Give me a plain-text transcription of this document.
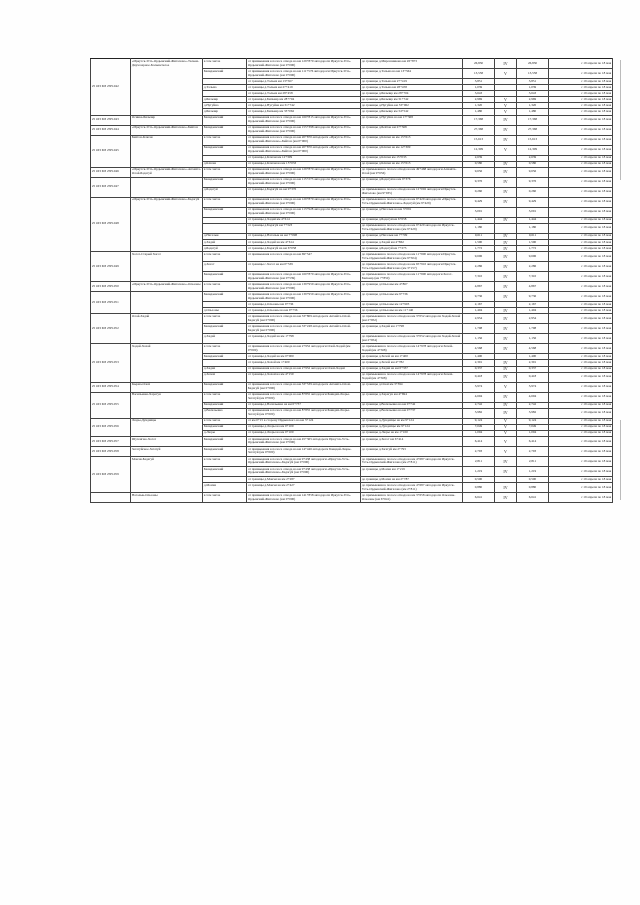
25 ОП МЗ 25Н-042	«Иркутск-Усть-Ордынский-Жигалово»-Тальма-Двухозерное-Большетелое	в том числе	от примыкания к полосе отвода на км 129+870 автодороги Иркутск-Усть-Ордынский-Жигалово (км 0+000)	до границы д.Мирошникова км 26+873	26,830	IV	26,830	с 19 апреля по 18 мая
		Баяндаевский	от примыкания к полосе отвода на км 111+576 автодороги Иркутск-Усть-Ордынский-Жигалово (км 0+000)	до границы д.Тальма на км 13+564	13,558	V	13,558	с 19 апреля по 18 мая
			от границы д.Тальма км 13+567	до границы д.Тальма км 27+419	3,851		3,851	с 19 апреля по 18 мая
		д.Тальма	от границы д.Тальма км 27+419	до границы д.Тальма км 28+458	1,039		1,039	с 19 апреля по 18 мая
			от границы д.Тальма км 28+458	до границы д.Бильчир км 28+704	3,643		3,643	с 19 апреля по 18 мая
		д.Бильчир	от границы д.Бильчир км 28+704	до границы д.Бильчир км 31+742	2,969	V	2,969	с 19 апреля по 18 мая
		д.Нугуйна	от границы д.Нугуйна км 31+742	до границы д.Нугуйна км 33+062	1,320	V	1,320	с 19 апреля по 18 мая
		д.Бильчир	от границы д.Бильчир км 33+062	до границы д.Бильчир км 34+542	1,480	V	1,480	с 19 апреля по 18 мая
25 ОП МЗ 25Н-043	Осинка-Бильчир	Баяндаевский	от примыкания к полосе отвода на км 160+815 автодороги Иркутск-Усть-Ордынский-Жигалово (км 0+000)	до границы д.Нугуйна на км 17+368	17,368	IV	17,368	с 19 апреля по 18 мая
25 ОП МЗ 25Н-044	«Иркутск-Усть-Ордынский-Жигалово»-Бейтон	Баяндаевский	от примыкания к полосе отвода на км 155+398 автодороги Иркутск-Усть-Ордынский-Жигалово (км 0+000)	до границы д.Бейтон км 27+368	27,368	IV	27,368	с 19 апреля по 18 мая
25 ОП МЗ 25Н-045	Бейтон-Ключи	в том числе	от примыкания к полосе отвода на км 20+870 автодороги «Иркутск-Усть-Ордынский-Жигалово»-Бейтон (км 0+000)	до границы д.Ключи на км 15+613	15,613	IV	15,613	с 19 апреля по 18 мая
		Баяндаевский	от примыкания к полосе отвода на км 20+870 автодороги «Иркутск-Усть-Ордынский-Жигалово»-Бейтон (км 0+000)	до границы д.Ключи на км 12+309	12,309	V	12,309	с 19 апреля по 18 мая
			от границы д.Ключи км 12+309	до границы д.Ключи км 15+033	2,639		2,639	с 19 апреля по 18 мая
		д.Ключи	от границы д.Ключи на км 15+033	до границы д.Ключи на км 15+613	0,580	IV	0,580	с 19 апреля по 18 мая
25 ОП МЗ 25Н-046	«Иркутск-Усть-Ордынский-Жигалово»-Апхайта-Олой-Бадагуй	в том числе	от примыкания к полосе отвода на км 129+870 автодороги Иркутск-Усть-Ордынский-Жигалово (км 0+000)	до примыкания к полосе отвода на км 49+468 автодороги Апхайта-Олой (км 9+656)	9,656	IV	9,656	с 19 апреля по 18 мая
25 ОП МЗ 25Н-047		Баяндаевский	от примыкания к полосе отвода на км 115+273 автодороги Иркутск-Усть-Ордынский-Жигалово (км 0+000)	до границы д.Бадагуй на км 9+376	9,376	IV	9,376	с 19 апреля по 18 мая
		д.Бадагуй	от границы д.Бадагуй на км 9+376	до примыкания к полосе отвода на км 12+002 автодороги Иркутск-Жигалово (км 9+935)	0,260	IV	0,260	с 19 апреля по 18 мая
25 ОП МЗ 25Н-048	«Иркутск-Усть-Ордынский-Жигалово»-Бадагуй	в том числе	от примыкания к полосе отвода на км 129+870 автодороги Иркутск-Усть-Ордынский-Жигалово (км 0+000)	до примыкания к полосе отвода на км 9+429 автодороги «Иркутск-Усть-Ордынский-Жигалово»-Бадагуй (км 9+429)	9,429	IV	9,429	с 19 апреля по 18 мая
		Баяндаевский	от примыкания к полосе отвода на км 113+928 автодороги Иркутск-Усть-Ордынский-Жигалово (км 0+000)	до границы д.Нагалык на км 3+091	3,091		3,091	с 19 апреля по 18 мая
			от границы д.Хадай км 4+614	до границы д.Бадагуй км 6+058	1,444	IV	1,444	с 19 апреля по 18 мая
			от границы д.Бадагуй км 7+323	до примыкания к полосе отвода на км 9+429 автодороги Иркутск-Усть-Ордынский-Жигалово (км 9+429)	1,180		1,180	с 19 апреля по 18 мая
		д.Нагалык	от границы д.Нагалык на км 7+098	до границы д.Нагалык км 7+709	0,611	IV	0,611	с 19 апреля по 18 мая
		д.Хадай	от границы д.Хадай на км 4+614	до границы д.Хадай км 4+862	1,590	IV	1,590	с 19 апреля по 18 мая
		д.Бадагуй	от границы д.Бадагуй на км 6+058	до границы д.Бадагуй км 7+273	1,772	IV	1,772	с 19 апреля по 18 мая
25 ОП МЗ 25Н-049	Хогот-Старый Хогот	в том числе	от примыкания к полосе отвода на км 69+547	до примыкания к полосе отвода на км 11+900 автодороги Иркутск-Усть-Ордынский-Жигалово (км 9+504)	9,696	IV	9,696	с 19 апреля по 18 мая
		д.Хогот	от границы с.Хогот на км 0+539	до примыкания к полосе отвода на км 65+910 автодороги Иркутск-Усть-Ордынский-Жигалово (км 3+157)	2,286	IV	2,286	с 19 апреля по 18 мая
		Баяндаевский	от примыкания к полосе отвода на км 160+870 автодороги Иркутск-Усть-Ордынский-Жигалово (км 0+539)	до примыкания к полосе отвода на км 11+900 автодороги Хогот-Бильчир (км 7+850)	7,310	IV	7,310	с 19 апреля по 18 мая
25 ОП МЗ 25Н-050	«Иркутск-Усть-Ордынский-Жигалово»-Ользоны	в том числе	от примыкания к полосе отвода на км 139+959 автодороги Иркутск-Усть-Ордынский-Жигалово (км 0+000)	до границы д.Ользоны км 4+867	4,867	IV	4,867	с 19 апреля по 18 мая
25 ОП МЗ 25Н-051		Баяндаевский	от примыкания к полосе отвода на км 139+959 автодороги Иркутск-Усть-Ордынский-Жигалово (км 0+000)	до границы д.Ользоны км 9+736	9,736	IV	9,736	с 19 апреля по 18 мая
			от границы д.Ользоны км 9+736	до границы д.Ользоны км 12+903	2,167		2,167	с 19 апреля по 18 мая
		д.Ользоны	от границы д.Ользоны на км 9+736	до границы д.Ользоны на км 11+140	1,404	IV	1,404	с 19 апреля по 18 мая
25 ОП МЗ 25Н-052	Олой-Хадай	в том числе	от примыкания к полосе отвода на км 33+809 автодороги Апхайта-Олой-Бадагуй (км 0+000)	до примыкания к полосе отвода на км 3+052 автодороги Хадай-Хохой (км 2+952)	2,954	IV	2,954	с 19 апреля по 18 мая
		Баяндаевский	от примыкания к полосе отвода на км 33+248 автодороги Апхайта-Олой-Бадагуй (км 0+000)	до границы д.Хадай км 1+798	1,798	IV	1,798	с 19 апреля по 18 мая
		д.Хадай	от границы д.Хадай на км 1+798	до примыкания к полосе отвода на км 3+052 автодороги Хадай-Хохой (км 2+954)	1,156	IV	1,156	с 19 апреля по 18 мая
25 ОП МЗ 25Н-053	Хадай-Хохой	в том числе	от примыкания к полосе отвода на км 2+952 автодороги Олой-Хадай (км 0+000)	до примыкания к полосе отвода на км 14+978 автодороги Хохой-Хадай (км 4+568)	4,568	IV	4,568	с 19 апреля по 18 мая
		Баяндаевский	от границы д.Хадай на км 0+000	до границы д.Хохой на км 1+400	1,400		1,400	с 19 апреля по 18 мая
			от границы д.Хохой км 1+400	до границы д.Хохой км 4+782	2,391	IV	2,391	с 19 апреля по 18 мая
		д.Хадай	от примыкания к полосе отвода на км 2+952 автодороги Олой-Хадай	до границы д.Хадай на км 0+337	0,337	IV	0,337	с 19 апреля по 18 мая
		д.Хохой	от границы д.Хохой на км 4+150	до примыкания к полосе отвода на км 14+978 автодороги Хохой-Хадай (км 4+568)	0,418	IV	0,418	с 19 апреля по 18 мая
25 ОП МЗ 25Н-054	Кырма-Олой	Баяндаевский	от примыкания к полосе отвода на км 33+539 автодороги Апхайта-Олой-Бадагуй (км 0+000)	до границы д.Олой км 3+394	3,974	V	3,974	с 19 апреля по 18 мая
25 ОП МЗ 25Н-055	Васильевка-Харагун	в том числе	от примыкания к полосе отвода на км 8+855 автодороги Баяндай-Люры-Загатуй (км 0+000)	до границы д.Харагун км 4+694	4,694	IV	4,694	с 19 апреля по 18 мая
		Баяндаевский	от границы д.Васильевка на км 0+737	до границы д.Васильевка на км 0+742	2,742	IV	2,742	с 19 апреля по 18 мая
		д.Васильевка	от примыкания к полосе отвода на км 8+855 автодороги Баяндай-Люры-Загатуй (км 0+000)	до границы д.Васильевка на км 0+737	3,982	IV	3,982	с 19 апреля по 18 мая
25 ОП МЗ 25Н-056	Люры-Дундайцы	в том числе	от км 0+15 в сторону Ирдынского на км 3+124	до границы д.Дундайцы на км 9+124	9,124	V	9,124	с 19 апреля по 18 мая
		Баяндаевский	от границы д.Люры на км 0+100	до границы д.Дундайцы км 9+124	7,049	V	7,049	с 19 апреля по 18 мая
		д.Люры	от границы д.Люры на км 0+100	до границы д.Люры на км 1+100	1,094	V	1,094	с 19 апреля по 18 мая
25 ОП МЗ 25Н-057	Шутенгаю-Хогот	Баяндаевский	от примыкания к полосе отвода на км 45+365 автодороги Иркутск-Усть-Ордынский-Жигалово (км 0+000)	до границы д.Хогот км 6+414	6,414	V	6,414	с 19 апреля по 18 мая
25 ОП МЗ 25Н-058	Загатуйское-Загатуй	Баяндаевский	от примыкания к полосе отвода на км 14+446 автодороги Баяндай-Люры-Загатуй (км 0+000)	до границы д.Загатуй км 2+793	2,793	V	2,793	с 19 апреля по 18 мая
25 ОП МЗ 25Н-059	Мончи-Бадагуй	в том числе	от примыкания к полосе отвода на км 9+438 автодороги «Иркутск-Усть-Ордынский-Жигалово»-Бадагуй (км 0+000)	до примыкания к полосе отвода на км 4+687 автодороги Иркутск-Усть-Ордынский-Жигалово (км 2+811)	2,811	IV	2,811	с 19 апреля по 18 мая
		Баяндаевский	от примыкания к полосе отвода на км 9+438 автодороги «Иркутск-Усть-Ордынский-Жигалово»-Бадагуй (км 0+000)	до границы д.Мончи км 1+219	1,219	IV	1,219	с 19 апреля по 18 мая
			от границы д.Мончи на км 2+287	до границы д.Мончи на км 2+787	0,500		0,500	с 19 апреля по 18 мая
		д.Мончи	от границы д.Мончи на км 2+427	до примыкания к полосе отвода на км 4+687 автодороги Иркутск-Усть-Ордынский-Жигалово (км 2+811)	0,880	IV	0,880	с 19 апреля по 18 мая
	Нагалык-Ользоны	в том числе	от примыкания к полосе отвода на км 141+858 автодороги Иркутск-Усть-Ордынский-Жигалово (км 0+000)	до примыкания к полосе отвода на км 3+658 автодороги Ользоны-Ользоны (км 6+641)	6,641	IV	6,641	с 19 апреля по 18 мая
